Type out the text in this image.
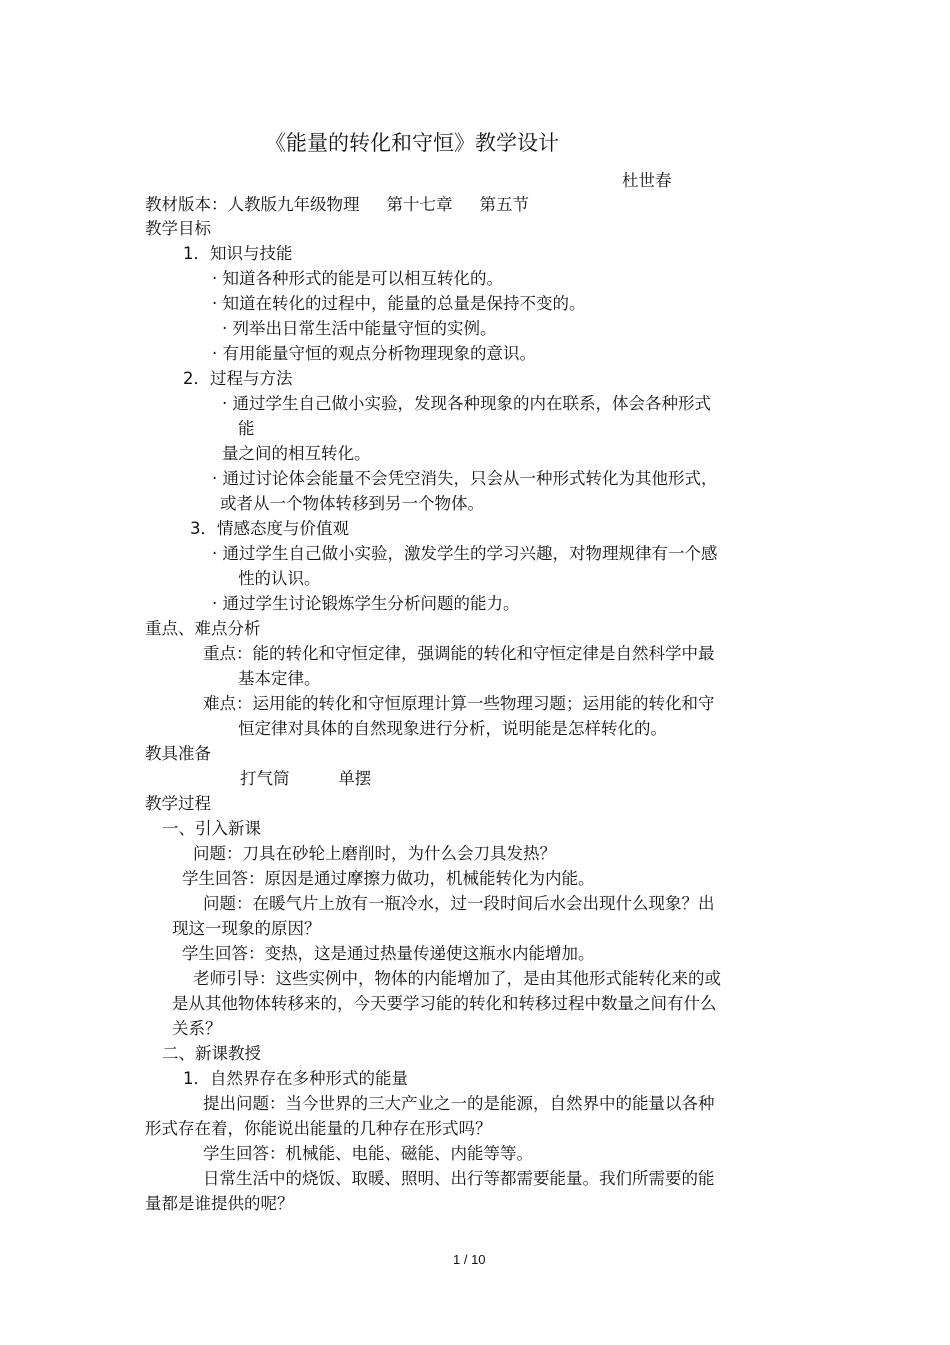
《能量的转化和守恒》教学设计
杜世春
教材版本：人教版九年级物理 　 第十七章 　 第五节
教学目标
1．知识与技能
· 知道各种形式的能是可以相互转化的。
· 知道在转化的过程中，能量的总量是保持不变的。
· 列举出日常生活中能量守恒的实例。
· 有用能量守恒的观点分析物理现象的意识。
2．过程与方法
· 通过学生自己做小实验，发现各种现象的内在联系，体会各种形式
能
量之间的相互转化。
· 通过讨论体会能量不会凭空消失，只会从一种形式转化为其他形式，
或者从一个物体转移到另一个物体。
3．情感态度与价值观
· 通过学生自己做小实验，激发学生的学习兴趣，对物理规律有一个感
性的认识。
· 通过学生讨论锻炼学生分析问题的能力。
重点、难点分析
重点：能的转化和守恒定律，强调能的转化和守恒定律是自然科学中最
基本定律。
难点：运用能的转化和守恒原理计算一些物理习题；运用能的转化和守
恒定律对具体的自然现象进行分析，说明能是怎样转化的。
教具准备
打气筒 　 　 单摆
教学过程
一、引入新课
问题：刀具在砂轮上磨削时，为什么会刀具发热？
学生回答：原因是通过摩擦力做功，机械能转化为内能。
问题：在暖气片上放有一瓶冷水，过一段时间后水会出现什么现象？出
现这一现象的原因？
学生回答：变热，这是通过热量传递使这瓶水内能增加。
老师引导：这些实例中，物体的内能增加了，是由其他形式能转化来的或
是从其他物体转移来的，今天要学习能的转化和转移过程中数量之间有什么
关系？
二、新课教授
1．自然界存在多种形式的能量
提出问题：当今世界的三大产业之一的是能源，自然界中的能量以各种
形式存在着，你能说出能量的几种存在形式吗？
学生回答：机械能、电能、磁能、内能等等。
日常生活中的烧饭、取暖、照明、出行等都需要能量。我们所需要的能
量都是谁提供的呢？
1 / 10
